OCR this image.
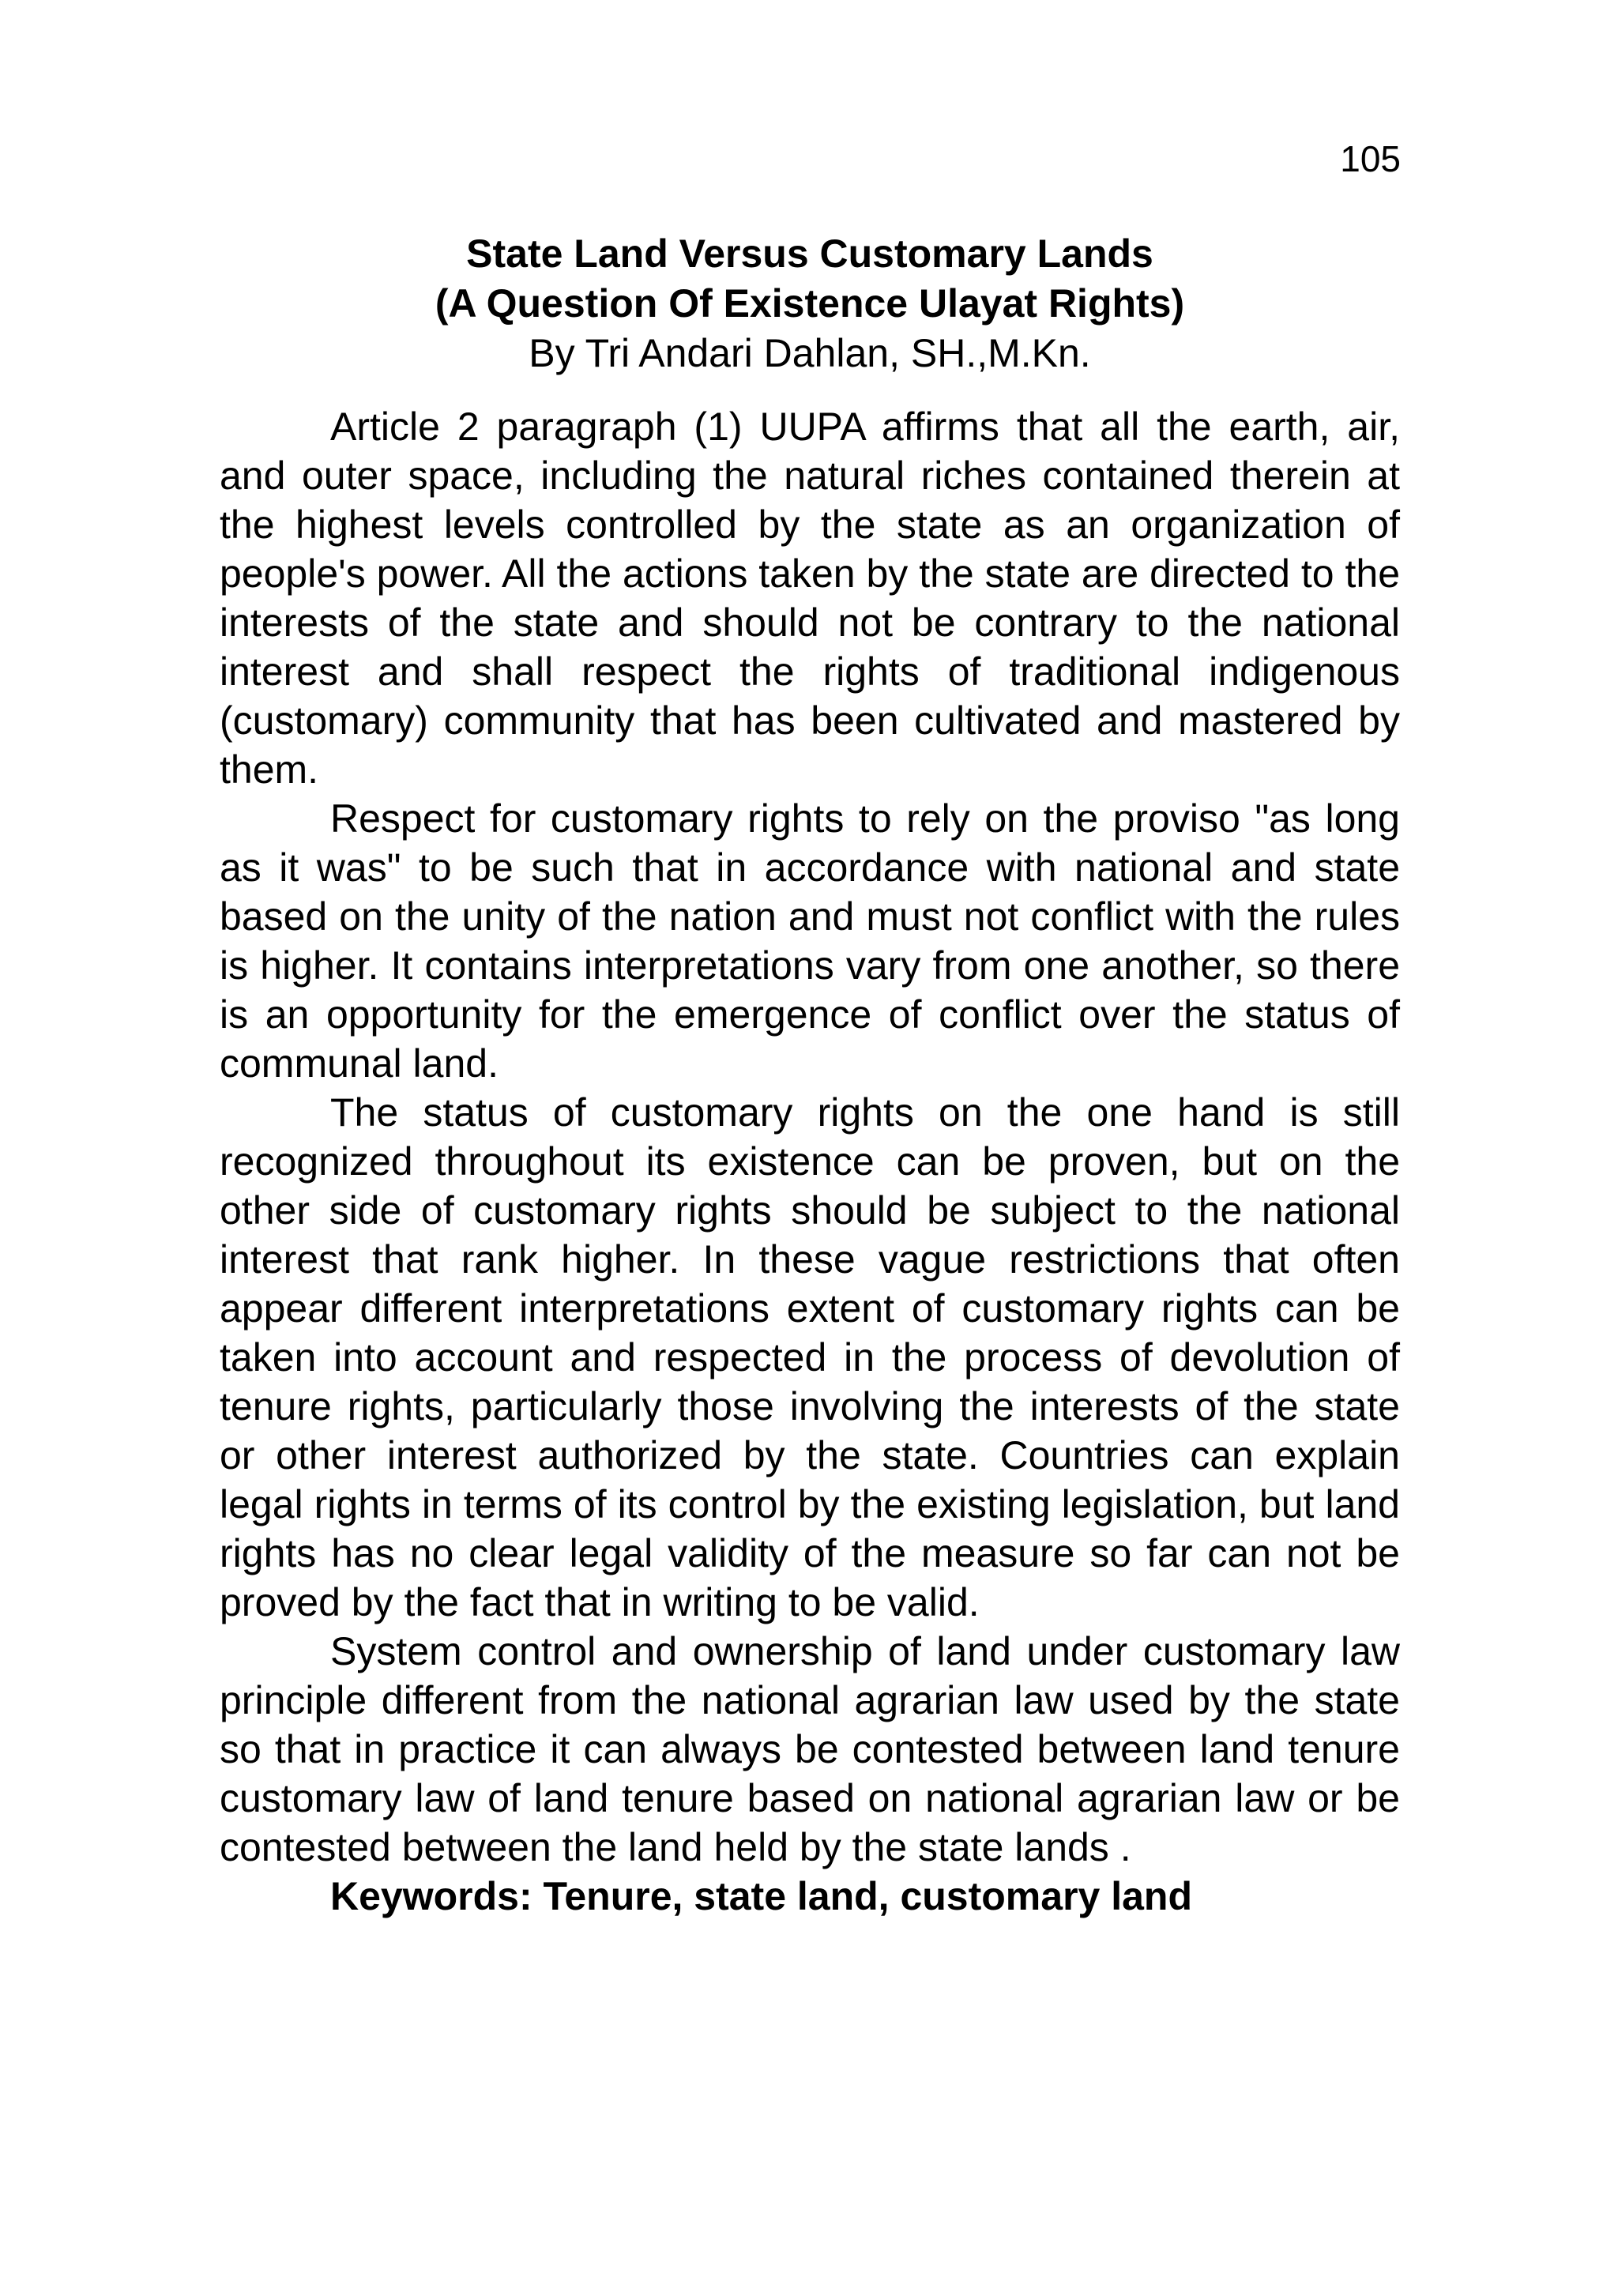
105
State Land Versus Customary Lands
(A Question Of Existence Ulayat Rights)
By Tri Andari Dahlan, SH.,M.Kn.

Article 2 paragraph (1) UUPA affirms that all the earth, air, and outer space, including the natural riches contained therein at the highest levels controlled by the state as an organization of people's power. All the actions taken by the state are directed to the interests of the state and should not be contrary to the national interest and shall respect the rights of traditional indigenous (customary) community that has been cultivated and mastered by them.

Respect for customary rights to rely on the proviso "as long as it was" to be such that in accordance with national and state based on the unity of the nation and must not conflict with the rules is higher. It contains interpretations vary from one another, so there is an opportunity for the emergence of conflict over the status of communal land.

The status of customary rights on the one hand is still recognized throughout its existence can be proven, but on the other side of customary rights should be subject to the national interest that rank higher. In these vague restrictions that often appear different interpretations extent of customary rights can be taken into account and respected in the process of devolution of tenure rights, particularly those involving the interests of the state or other interest authorized by the state. Countries can explain legal rights in terms of its control by the existing legislation, but land rights has no clear legal validity of the measure so far can not be proved by the fact that in writing to be valid.

System control and ownership of land under customary law principle different from the national agrarian law used by the state so that in practice it can always be contested between land tenure customary law of land tenure based on national agrarian law or be contested between the land held by the state lands .

Keywords: Tenure, state land, customary land
